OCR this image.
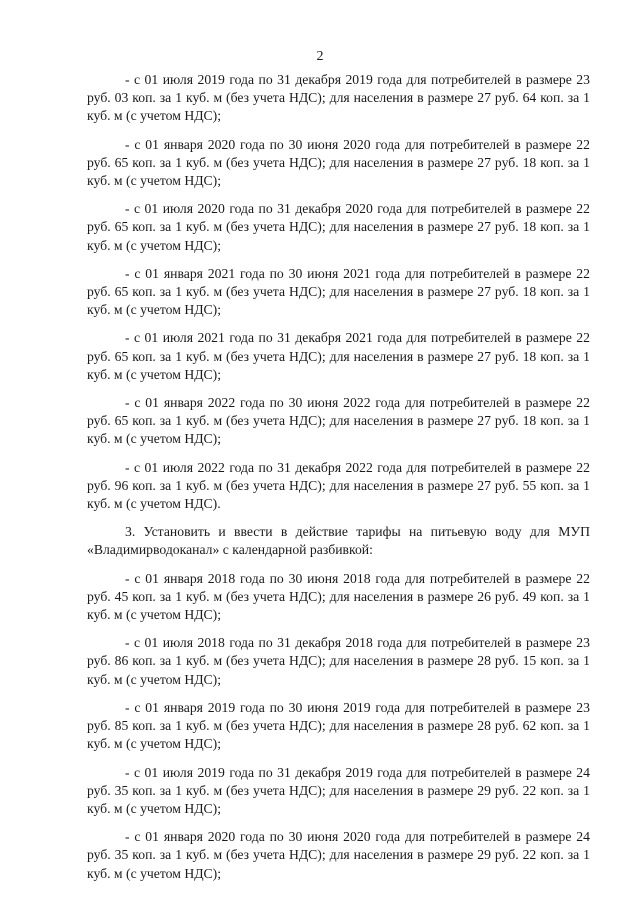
2

- с 01 июля 2019 года по 31 декабря 2019 года для потребителей в размере 23 руб. 03 коп. за 1 куб. м (без учета НДС); для населения в размере 27 руб. 64 коп. за 1 куб. м (с учетом НДС);

- с 01 января 2020 года по 30 июня 2020 года для потребителей в размере 22 руб. 65 коп. за 1 куб. м (без учета НДС); для населения в размере 27 руб. 18 коп. за 1 куб. м (с учетом НДС);

- с 01 июля 2020 года по 31 декабря 2020 года для потребителей в размере 22 руб. 65 коп. за 1 куб. м (без учета НДС); для населения в размере 27 руб. 18 коп. за 1 куб. м (с учетом НДС);

- с 01 января 2021 года по 30 июня 2021 года для потребителей в размере 22 руб. 65 коп. за 1 куб. м (без учета НДС); для населения в размере 27 руб. 18 коп. за 1 куб. м (с учетом НДС);

- с 01 июля 2021 года по 31 декабря 2021 года для потребителей в размере 22 руб. 65 коп. за 1 куб. м (без учета НДС); для населения в размере 27 руб. 18 коп. за 1 куб. м (с учетом НДС);

- с 01 января 2022 года по 30 июня 2022 года для потребителей в размере 22 руб. 65 коп. за 1 куб. м (без учета НДС); для населения в размере 27 руб. 18 коп. за 1 куб. м (с учетом НДС);

- с 01 июля 2022 года по 31 декабря 2022 года для потребителей в размере 22 руб. 96 коп. за 1 куб. м (без учета НДС); для населения в размере 27 руб. 55 коп. за 1 куб. м (с учетом НДС).

3. Установить и ввести в действие тарифы на питьевую воду для МУП «Владимирводоканал» с календарной разбивкой:

- с 01 января 2018 года по 30 июня 2018 года для потребителей в размере 22 руб. 45 коп. за 1 куб. м (без учета НДС); для населения в размере 26 руб. 49 коп. за 1 куб. м (с учетом НДС);

- с 01 июля 2018 года по 31 декабря 2018 года для потребителей в размере 23 руб. 86 коп. за 1 куб. м (без учета НДС); для населения в размере 28 руб. 15 коп. за 1 куб. м (с учетом НДС);

- с 01 января 2019 года по 30 июня 2019 года для потребителей в размере 23 руб. 85 коп. за 1 куб. м (без учета НДС); для населения в размере 28 руб. 62 коп. за 1 куб. м (с учетом НДС);

- с 01 июля 2019 года по 31 декабря 2019 года для потребителей в размере 24 руб. 35 коп. за 1 куб. м (без учета НДС); для населения в размере 29 руб. 22 коп. за 1 куб. м (с учетом НДС);

- с 01 января 2020 года по 30 июня 2020 года для потребителей в размере 24 руб. 35 коп. за 1 куб. м (без учета НДС); для населения в размере 29 руб. 22 коп. за 1 куб. м (с учетом НДС);
